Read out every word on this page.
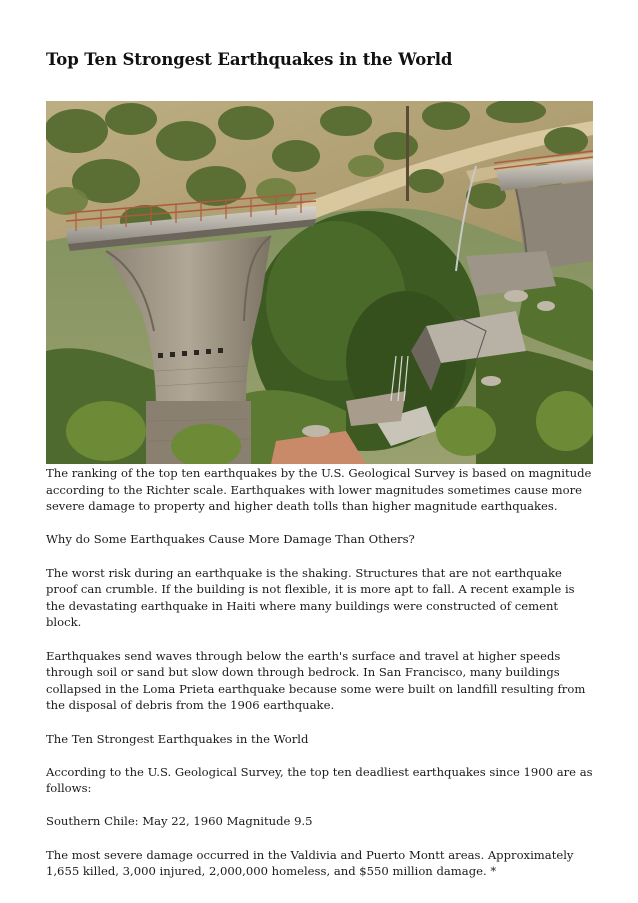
Top Ten Strongest Earthquakes in the World

The ranking of the top ten earthquakes by the U.S. Geological Survey is based on magnitude according to the Richter scale. Earthquakes with lower magnitudes sometimes cause more severe damage to property and higher death tolls than higher magnitude earthquakes.

Why do Some Earthquakes Cause More Damage Than Others?

The worst risk during an earthquake is the shaking. Structures that are not earthquake proof can crumble. If the building is not flexible, it is more apt to fall. A recent example is the devastating earthquake in Haiti where many buildings were constructed of cement block.

Earthquakes send waves through below the earth's surface and travel at higher speeds through soil or sand but slow down through bedrock. In San Francisco, many buildings collapsed in the Loma Prieta earthquake because some were built on landfill resulting from the disposal of debris from the 1906 earthquake.

The Ten Strongest Earthquakes in the World

According to the U.S. Geological Survey, the top ten deadliest earthquakes since 1900 are as follows:

Southern Chile: May 22, 1960 Magnitude 9.5

The most severe damage occurred in the Valdivia and Puerto Montt areas. Approximately 1,655 killed, 3,000 injured, 2,000,000 homeless, and $550 million damage. *
